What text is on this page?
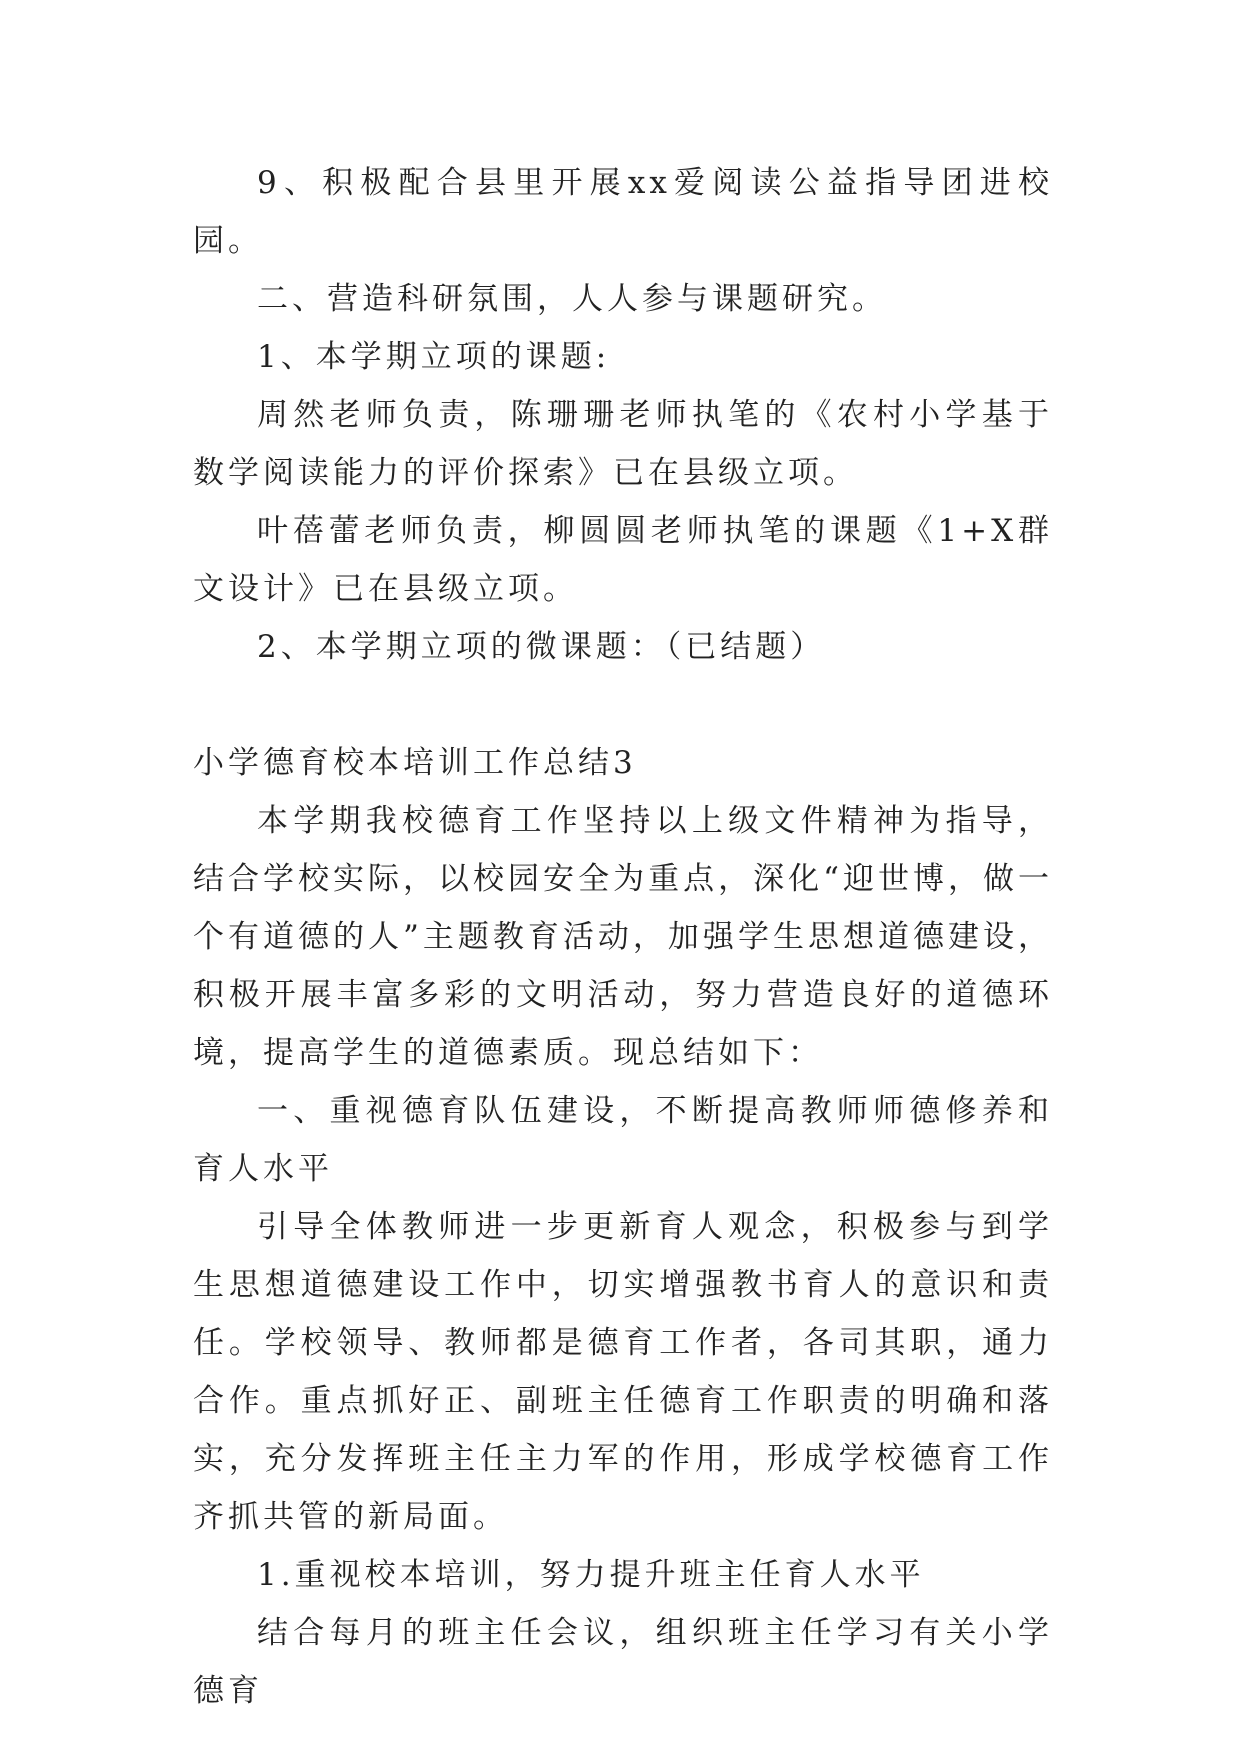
9、积极配合县里开展xx爱阅读公益指导团进校园。

二、营造科研氛围，人人参与课题研究。

1、本学期立项的课题:

周然老师负责，陈珊珊老师执笔的《农村小学基于数学阅读能力的评价探索》已在县级立项。

叶蓓蕾老师负责，柳圆圆老师执笔的课题《1+X群文设计》已在县级立项。

2、本学期立项的微课题：（已结题）

小学德育校本培训工作总结3

本学期我校德育工作坚持以上级文件精神为指导，结合学校实际，以校园安全为重点，深化“迎世博，做一个有道德的人”主题教育活动，加强学生思想道德建设，积极开展丰富多彩的文明活动，努力营造良好的道德环境，提高学生的道德素质。现总结如下：

一、重视德育队伍建设，不断提高教师师德修养和育人水平

引导全体教师进一步更新育人观念，积极参与到学生思想道德建设工作中，切实增强教书育人的意识和责任。学校领导、教师都是德育工作者，各司其职，通力合作。重点抓好正、副班主任德育工作职责的明确和落实，充分发挥班主任主力军的作用，形成学校德育工作齐抓共管的新局面。

1.重视校本培训，努力提升班主任育人水平

结合每月的班主任会议，组织班主任学习有关小学德育
